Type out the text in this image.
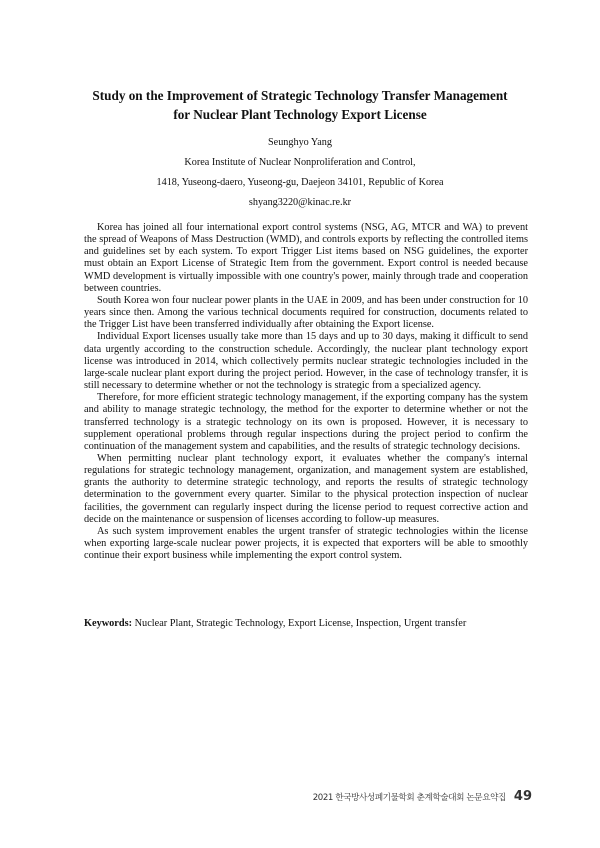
Study on the Improvement of Strategic Technology Transfer Management
for Nuclear Plant Technology Export License
Seunghyo Yang
Korea Institute of Nuclear Nonproliferation and Control,
1418, Yuseong-daero, Yuseong-gu, Daejeon 34101, Republic of Korea
shyang3220@kinac.re.kr

Korea has joined all four international export control systems (NSG, AG, MTCR and WA) to prevent the spread of Weapons of Mass Destruction (WMD), and controls exports by reflecting the controlled items and guidelines set by each system. To export Trigger List items based on NSG guidelines, the exporter must obtain an Export License of Strategic Item from the government. Export control is needed because WMD development is virtually impossible with one country's power, mainly through trade and cooperation between countries.

South Korea won four nuclear power plants in the UAE in 2009, and has been under construction for 10 years since then. Among the various technical documents required for construction, documents related to the Trigger List have been transferred individually after obtaining the Export license.

Individual Export licenses usually take more than 15 days and up to 30 days, making it difficult to send data urgently according to the construction schedule. Accordingly, the nuclear plant technology export license was introduced in 2014, which collectively permits nuclear strategic technologies included in the large-scale nuclear plant export during the project period. However, in the case of technology transfer, it is still necessary to determine whether or not the technology is strategic from a specialized agency.

Therefore, for more efficient strategic technology management, if the exporting company has the system and ability to manage strategic technology, the method for the exporter to determine whether or not the transferred technology is a strategic technology on its own is proposed. However, it is necessary to supplement operational problems through regular inspections during the project period to confirm the continuation of the management system and capabilities, and the results of strategic technology decisions.

When permitting nuclear plant technology export, it evaluates whether the company's internal regulations for strategic technology management, organization, and management system are established, grants the authority to determine strategic technology, and reports the results of strategic technology determination to the government every quarter. Similar to the physical protection inspection of nuclear facilities, the government can regularly inspect during the license period to request corrective action and decide on the maintenance or suspension of licenses according to follow-up measures.

As such system improvement enables the urgent transfer of strategic technologies within the license when exporting large-scale nuclear power projects, it is expected that exporters will be able to smoothly continue their export business while implementing the export control system.

Keywords: Nuclear Plant, Strategic Technology, Export License, Inspection, Urgent transfer
2021 한국방사성폐기물학회 춘계학술대회 논문요약집 49
